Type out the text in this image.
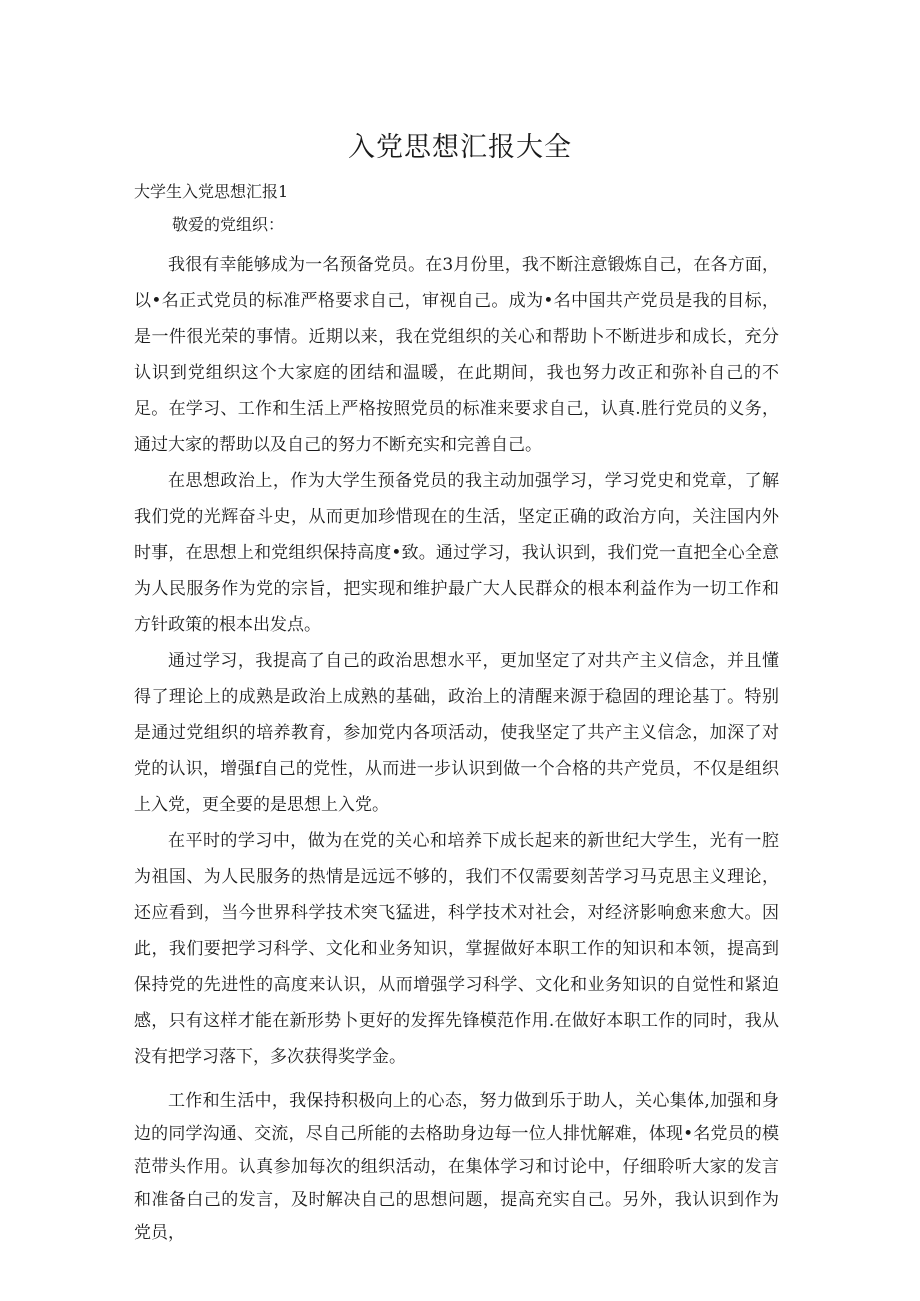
入党思想汇报大全

大学生入党思想汇报1

敬爱的党组织：

我很有幸能够成为一名预备党员。在3月份里，我不断注意锻炼自己，在各方面，以•名正式党员的标准严格要求自己，审视自己。成为•名中国共产党员是我的目标，是一件很光荣的事情。近期以来，我在党组织的关心和帮助卜不断进步和成长，充分认识到党组织这个大家庭的团结和温暖，在此期间，我也努力改正和弥补自己的不足。在学习、工作和生活上严格按照党员的标准来要求自己，认真.胜行党员的义务，通过大家的帮助以及自己的努力不断充实和完善自己。

在思想政治上，作为大学生预备党员的我主动加强学习，学习党史和党章，了解我们党的光辉奋斗史，从而更加珍惜现在的生活，坚定正确的政治方向，关注国内外时事，在思想上和党组织保持高度•致。通过学习，我认识到，我们党一直把全心全意为人民服务作为党的宗旨，把实现和维护最广大人民群众的根本利益作为一切工作和方针政策的根本出发点。

通过学习，我提高了自己的政治思想水平，更加坚定了对共产主义信念，并且懂得了理论上的成熟是政治上成熟的基础，政治上的清醒来源于稳固的理论基丁。特别是通过党组织的培养教育，参加党内各项活动，使我坚定了共产主义信念，加深了对党的认识，增强f自己的党性，从而进一步认识到做一个合格的共产党员，不仅是组织上入党，更全要的是思想上入党。

在平时的学习中，做为在党的关心和培养下成长起来的新世纪大学生，光有一腔为祖国、为人民服务的热情是远远不够的，我们不仅需要刻苦学习马克思主义理论，还应看到，当今世界科学技术突飞猛进，科学技术对社会，对经济影响愈来愈大。因此，我们要把学习科学、文化和业务知识，掌握做好本职工作的知识和本领，提高到保持党的先进性的高度来认识，从而增强学习科学、文化和业务知识的自觉性和紧迫感，只有这样才能在新形势卜更好的发挥先锋模范作用.在做好本职工作的同时，我从没有把学习落下，多次获得奖学金。

工作和生活中，我保持积极向上的心态，努力做到乐于助人，关心集体,加强和身边的同学沟通、交流，尽自己所能的去格助身边每一位人排忧解难，体现•名党员的模范带头作用。认真参加每次的组织活动，在集体学习和讨论中，仔细聆听大家的发言和准备白己的发言，及时解决自己的思想问题，提高充实自己。另外，我认识到作为党员，
